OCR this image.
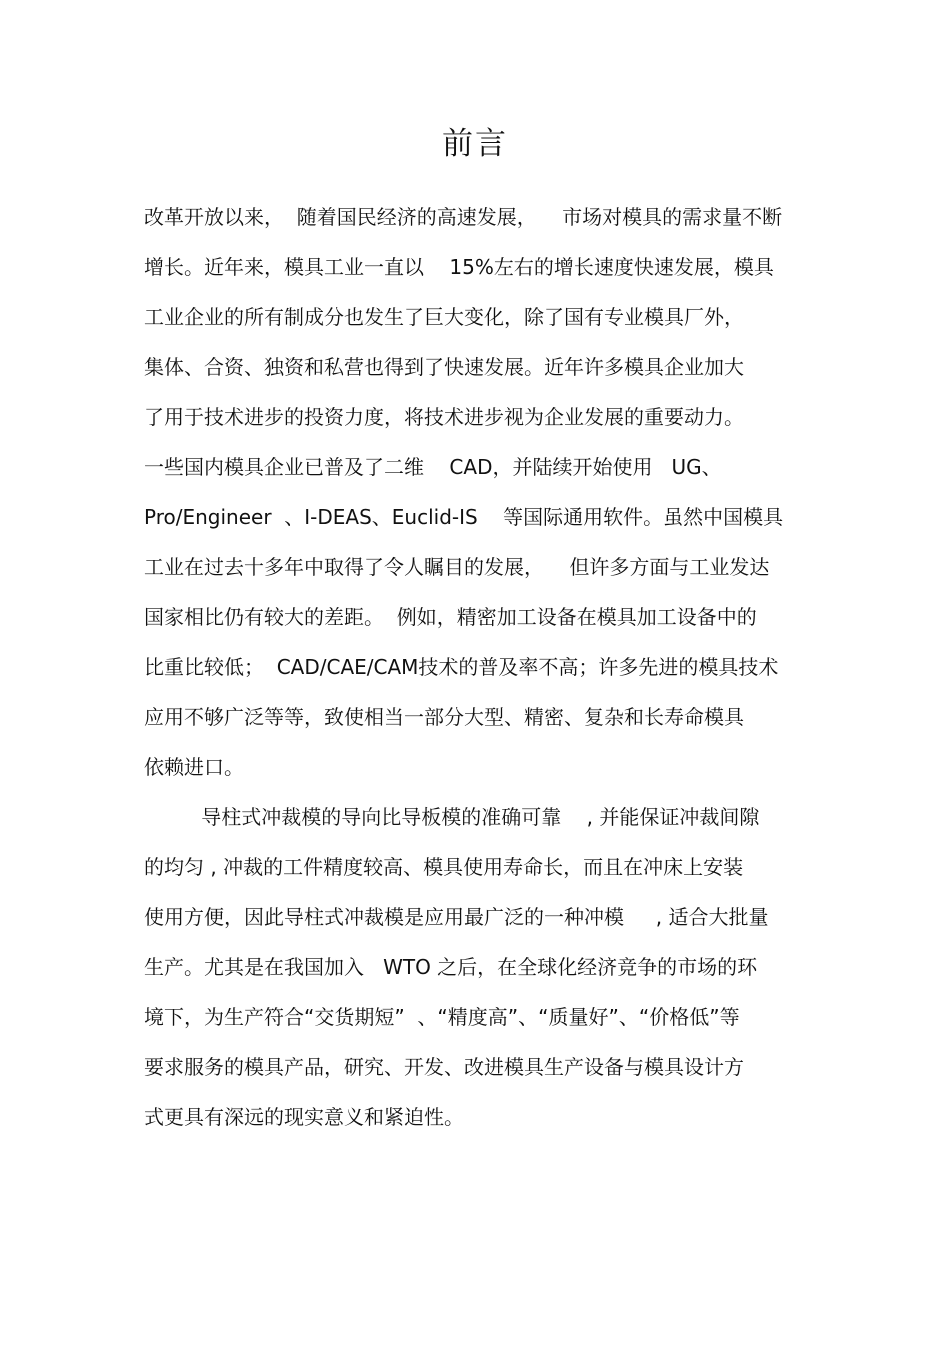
前言
改革开放以来，  随着国民经济的高速发展，    市场对模具的需求量不断
增长。近年来，模具工业一直以    15%左右的增长速度快速发展，模具
工业企业的所有制成分也发生了巨大变化，除了国有专业模具厂外，
集体、合资、独资和私营也得到了快速发展。近年许多模具企业加大
了用于技术进步的投资力度，将技术进步视为企业发展的重要动力。
一些国内模具企业已普及了二维    CAD，并陆续开始使用   UG、
Pro/Engineer  、I-DEAS、Euclid-IS    等国际通用软件。虽然中国模具
工业在过去十多年中取得了令人瞩目的发展，    但许多方面与工业发达
国家相比仍有较大的差距。  例如，精密加工设备在模具加工设备中的
比重比较低；  CAD/CAE/CAM技术的普及率不高；许多先进的模具技术
应用不够广泛等等，致使相当一部分大型、精密、复杂和长寿命模具
依赖进口。
导柱式冲裁模的导向比导板模的准确可靠    , 并能保证冲裁间隙
的均匀 , 冲裁的工件精度较高、模具使用寿命长，而且在冲床上安装
使用方便，因此导柱式冲裁模是应用最广泛的一种冲模     , 适合大批量
生产。尤其是在我国加入   WTO 之后，在全球化经济竞争的市场的环
境下，为生产符合“交货期短”  、“精度高”、“质量好”、“价格低”等
要求服务的模具产品，研究、开发、改进模具生产设备与模具设计方
式更具有深远的现实意义和紧迫性。
